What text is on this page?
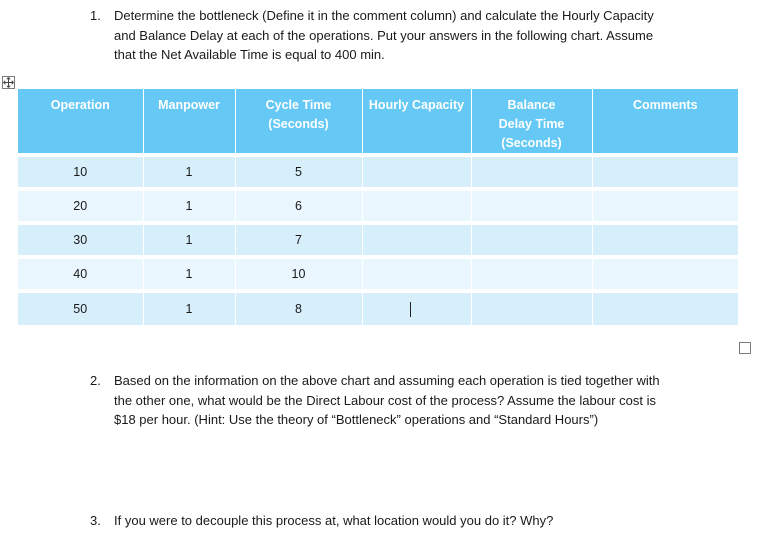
1. Determine the bottleneck (Define it in the comment column) and calculate the Hourly Capacity and Balance Delay at each of the operations. Put your answers in the following chart. Assume that the Net Available Time is equal to 400 min.
Operation	Manpower	Cycle Time (Seconds)	Hourly Capacity	Balance Delay Time (Seconds)	Comments
10	1	5			
20	1	6			
30	1	7			
40	1	10			
50	1	8			
2. Based on the information on the above chart and assuming each operation is tied together with the other one, what would be the Direct Labour cost of the process? Assume the labour cost is $18 per hour. (Hint: Use the theory of “Bottleneck” operations and “Standard Hours”)
3. If you were to decouple this process at, what location would you do it? Why?
